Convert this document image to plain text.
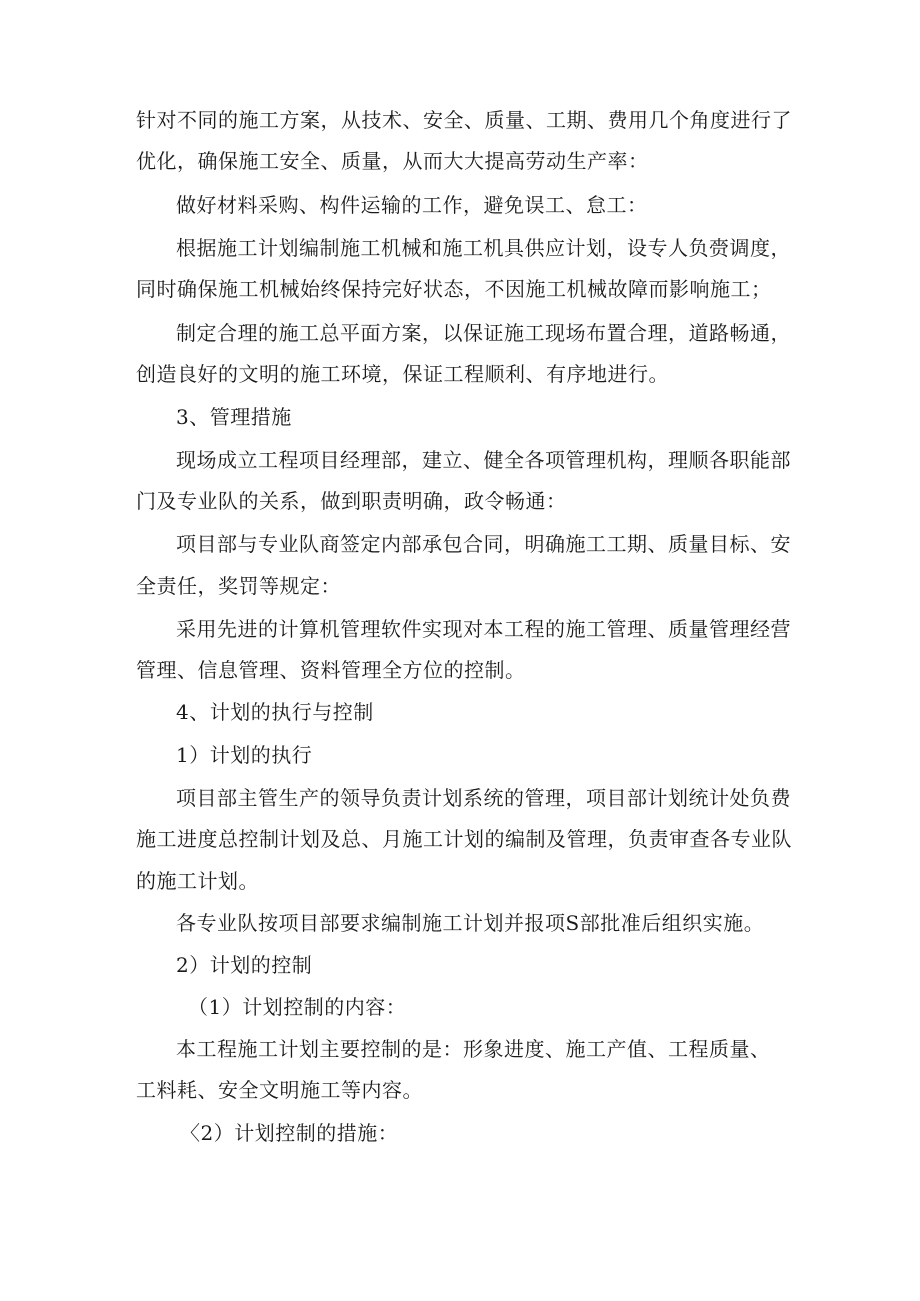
针对不同的施工方案，从技术、安全、质量、工期、费用几个角度进行了
优化，确保施工安全、质量，从而大大提高劳动生产率：
做好材料采购、构件运输的工作，避免误工、怠工：
根据施工计划编制施工机械和施工机具供应计划，设专人负赍调度，
同时确保施工机械始终保持完好状态，不因施工机械故障而影响施工；
制定合理的施工总平面方案，以保证施工现场布置合理，道路畅通，
创造良好的文明的施工环境，保证工程顺利、有序地进行。
3、管理措施
现场成立工程项目经理部，建立、健全各项管理机构，理顺各职能部
门及专业队的关系，做到职责明确，政令畅通：
项目部与专业队商签定内部承包合同，明确施工工期、质量目标、安
全责任，奖罚等规定：
采用先进的计算机管理软件实现对本工程的施工管理、质量管理经营
管理、信息管理、资料管理全方位的控制。
4、计划的执行与控制
1）计划的执行
项目部主管生产的领导负责计划系统的管理，项目部计划统计处负费
施工进度总控制计划及总、月施工计划的编制及管理，负责审查各专业队
的施工计划。
各专业队按项目部要求编制施工计划并报项S部批准后组织实施。
2）计划的控制
（1）计划控制的内容：
本工程施工计划主要控制的是：形象进度、施工产值、工程质量、
工料耗、安全文明施工等内容。
〈2）计划控制的措施：
